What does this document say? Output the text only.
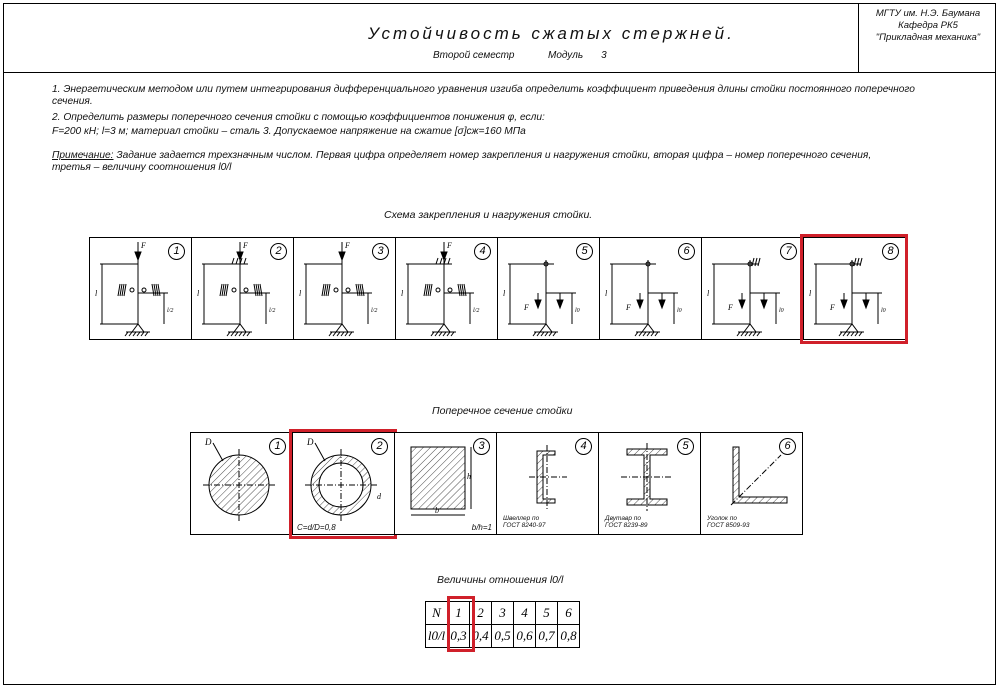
Устойчивость сжатых стержней.
Второй семестр	Модуль 3
МГТУ им. Н.Э. Баумана
Кафедра РК5
"Прикладная механика"
1. Энергетическим методом или путем интегрирования дифференциального уравнения изгиба определить коэффициент приведения длины стойки постоянного поперечного
сечения.
2. Определить размеры поперечного сечения стойки с помощью коэффициентов понижения φ, если:
F=200 кН; l=3 м; материал стойки – сталь 3. Допускаемое напряжение на сжатие [σ]сж=160 МПа
Примечание: Задание задается трехзначным числом. Первая цифра определяет номер закрепления и нагружения стойки, вторая цифра – номер поперечного сечения,
третья – величину соотношения l0/l
Схема закрепления и нагружения стойки.
1
F
l
l/2
2
F
l
l/2
3
F
l
l/2
4
F
l
l/2
5
F
l
l0
6
F
l
l0
7
F
l
l0
8
F
l
l0
Поперечное сечение стойки
1
D	2
D
d
C=d/D=0,8
3
b
h
b/h=1
4
Швеллер по
ГОСТ 8240-97
5
Двутавр по
ГОСТ 8239-89
6
Уголок по
ГОСТ 8509-93
Величины отношения l0/l
N	1	2	3	4	5	6
l0/l	0,3	0,4	0,5	0,6	0,7	0,8
